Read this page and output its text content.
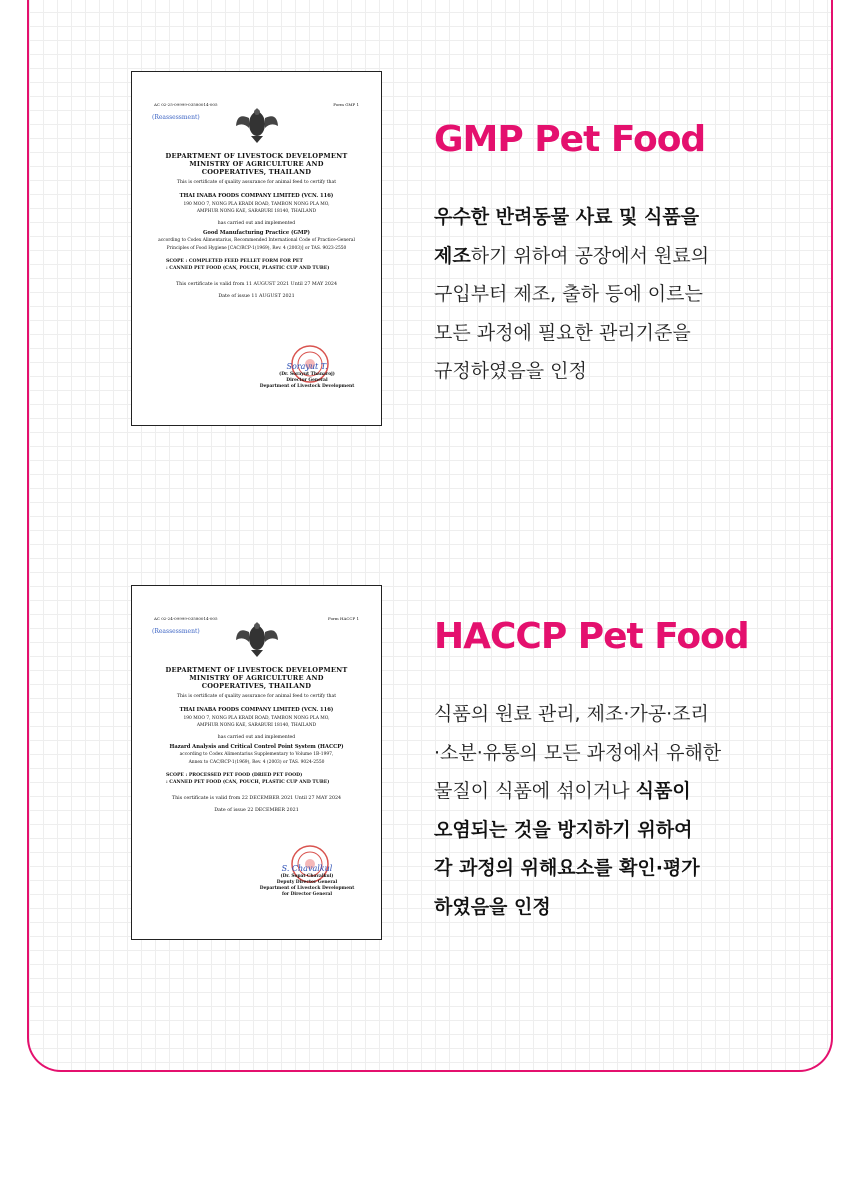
AC 02-25-09999-03580014-005	Form GMP 1
(Reassessment)
DEPARTMENT OF LIVESTOCK DEVELOPMENT
MINISTRY OF AGRICULTURE AND
COOPERATIVES, THAILAND
This is certificate of quality assurance for animal feed to certify that
THAI INABA FOODS COMPANY LIMITED (VCN. 116)
190 MOO 7, NONG PLA KRADI ROAD, TAMBON NONG PLA MO,
AMPHUR NONG KAE, SARABURI 18140, THAILAND
has carried out and implemented
Good Manufacturing Practice (GMP)
according to Codex Alimentarius, Recommended International Code of Practice-General
Principles of Food Hygiene [CAC/RCP-1(1969), Rev. 4 (2003)] or TAS. 9023-2550
SCOPE : COMPLETED FEED PELLET FORM FOR PET
: CANNED PET FOOD (CAN, POUCH, PLASTIC CUP AND TUBE)
This certificate is valid from 11 AUGUST 2021 Until 27 MAY 2024
Date of issue 11 AUGUST 2021
Sorayut T.
(Dr. Sorayut Thanaroj)
Director General
Department of Livestock Development
GMP Pet Food
우수한 반려동물 사료 및 식품을
제조하기 위하여 공장에서 원료의
구입부터 제조, 출하 등에 이르는
모든 과정에 필요한 관리기준을
규정하였음을 인정
AC 02-24-09999-03580014-005	Form HACCP 1
(Reassessment)
DEPARTMENT OF LIVESTOCK DEVELOPMENT
MINISTRY OF AGRICULTURE AND
COOPERATIVES, THAILAND
This is certificate of quality assurance for animal feed to certify that
THAI INABA FOODS COMPANY LIMITED (VCN. 116)
190 MOO 7, NONG PLA KRADI ROAD, TAMBON NONG PLA MO,
AMPHUR NONG KAE, SARABURI 18140, THAILAND
has carried out and implemented
Hazard Analysis and Critical Control Point System (HACCP)
according to Codex Alimentarius Supplementary to Volume 1B-1997,
Annex to CAC/RCP-1(1969), Rev. 4 (2003) or TAS. 9024-2550
SCOPE : PROCESSED PET FOOD (DRIED PET FOOD)
: CANNED PET FOOD (CAN, POUCH, PLASTIC CUP AND TUBE)
This certificate is valid from 22 DECEMBER 2021 Until 27 MAY 2024
Date of issue 22 DECEMBER 2021
S. Chavalkul
(Dr. Sopat Chavalkul)
Deputy Director General
Department of Livestock Development
for Director General
HACCP Pet Food
식품의 원료 관리, 제조·가공·조리
·소분·유통의 모든 과정에서 유해한
물질이 식품에 섞이거나 식품이
오염되는 것을 방지하기 위하여
각 과정의 위해요소를 확인·평가
하였음을 인정
